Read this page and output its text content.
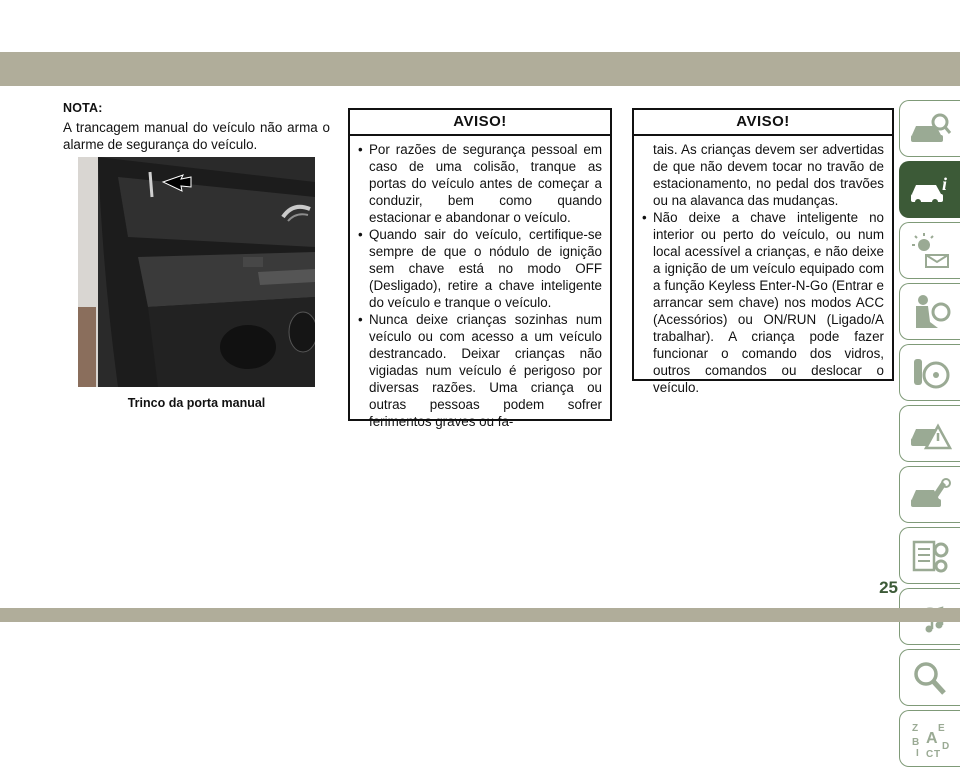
NOTA:
A trancagem manual do veículo não arma o alarme de segurança do veículo.
Trinco da porta manual
AVISO!
• Por razões de segurança pessoal em caso de uma colisão, tranque as portas do veículo antes de começar a conduzir, bem como quando estacionar e abandonar o veículo.
• Quando sair do veículo, certifique-se sempre de que o nódulo de ignição sem chave está no modo OFF (Desligado), retire a chave inteligente do veículo e tranque o veículo.
• Nunca deixe crianças sozinhas num veículo ou com acesso a um veículo destrancado. Deixar crianças não vigiadas num veículo é perigoso por diversas razões. Uma criança ou outras pessoas podem sofrer ferimentos graves ou fa-
AVISO!
tais. As crianças devem ser advertidas de que não devem tocar no travão de estacionamento, no pedal dos travões ou na alavanca das mudanças.
• Não deixe a chave inteligente no interior ou perto do veículo, ou num local acessível a crianças, e não deixe a ignição de um veículo equipado com a função Keyless Enter-N-Go (Entrar e arrancar sem chave) nos modos ACC (Acessórios) ou ON/RUN (Ligado/A trabalhar). A criança pode fazer funcionar o comando dos vidros, outros comandos ou deslocar o veículo.
i
Z E
A
B
I C T
D
25
